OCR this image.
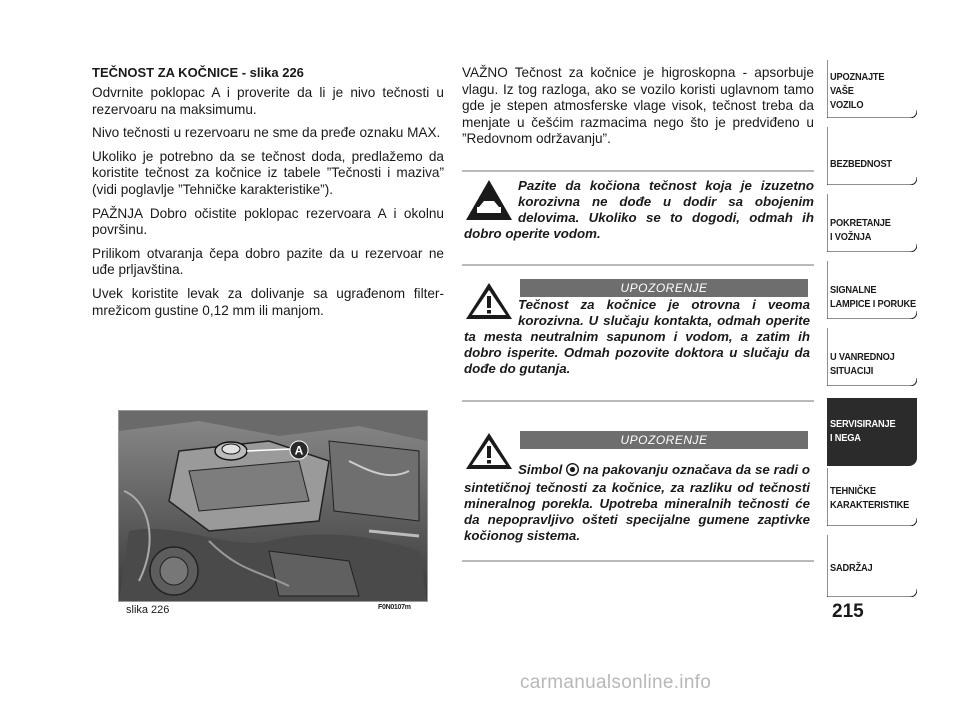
TEČNOST ZA KOČNICE - slika 226

Odvrnite poklopac A i proverite da li je nivo tečnosti u rezervoaru na maksimumu.

Nivo tečnosti u rezervoaru ne sme da pređe oznaku MAX.

Ukoliko je potrebno da se tečnost doda, predlažemo da koristite tečnost za kočnice iz tabele ”Tečnosti i maziva” (vidi poglavlje ”Tehničke karakteristike”).

PAŽNJA Dobro očistite poklopac rezervoara A i okolnu površinu.

Prilikom otvaranja čepa dobro pazite da u rezervoar ne uđe prljavština.

Uvek koristite levak za dolivanje sa ugrađenom filter-mrežicom gustine 0,12 mm ili manjom.

A
slika 226	F0N0107m

VAŽNO Tečnost za kočnice je higroskopna - apsorbuje vlagu. Iz tog razloga, ako se vozilo koristi uglavnom tamo gde je stepen atmosferske vlage visok, tečnost treba da menjate u češćim razmacima nego što je predviđeno u ”Redovnom održavanju”.

Pazite da kočiona tečnost koja je izuzetno korozivna ne dođe u dodir sa obojenim delovima. Ukoliko se to dogodi, odmah ih dobro operite vodom.
UPOZORENJE
Tečnost za kočnice je otrovna i veoma korozivna. U slučaju kontakta, odmah operite ta mesta neutralnim sapunom i vodom, a zatim ih dobro isperite. Odmah pozovite doktora u slučaju da dođe do gutanja.
UPOZORENJE
Simbol na pakovanju označava da se radi o sintetičnoj tečnosti za kočnice, za razliku od tečnosti mineralnog porekla. Upotreba mineralnih tečnosti će da nepopravljivo ošteti specijalne gumene zaptivke kočionog sistema.
UPOZNAJTE
VAŠE
VOZILO
BEZBEDNOST
POKRETANJE
I VOŽNJA
SIGNALNE
LAMPICE I PORUKE
U VANREDNOJ
SITUACIJI
SERVISIRANJE
I NEGA
TEHNIČKE
KARAKTERISTIKE
SADRŽAJ
215
carmanualsonline.info
